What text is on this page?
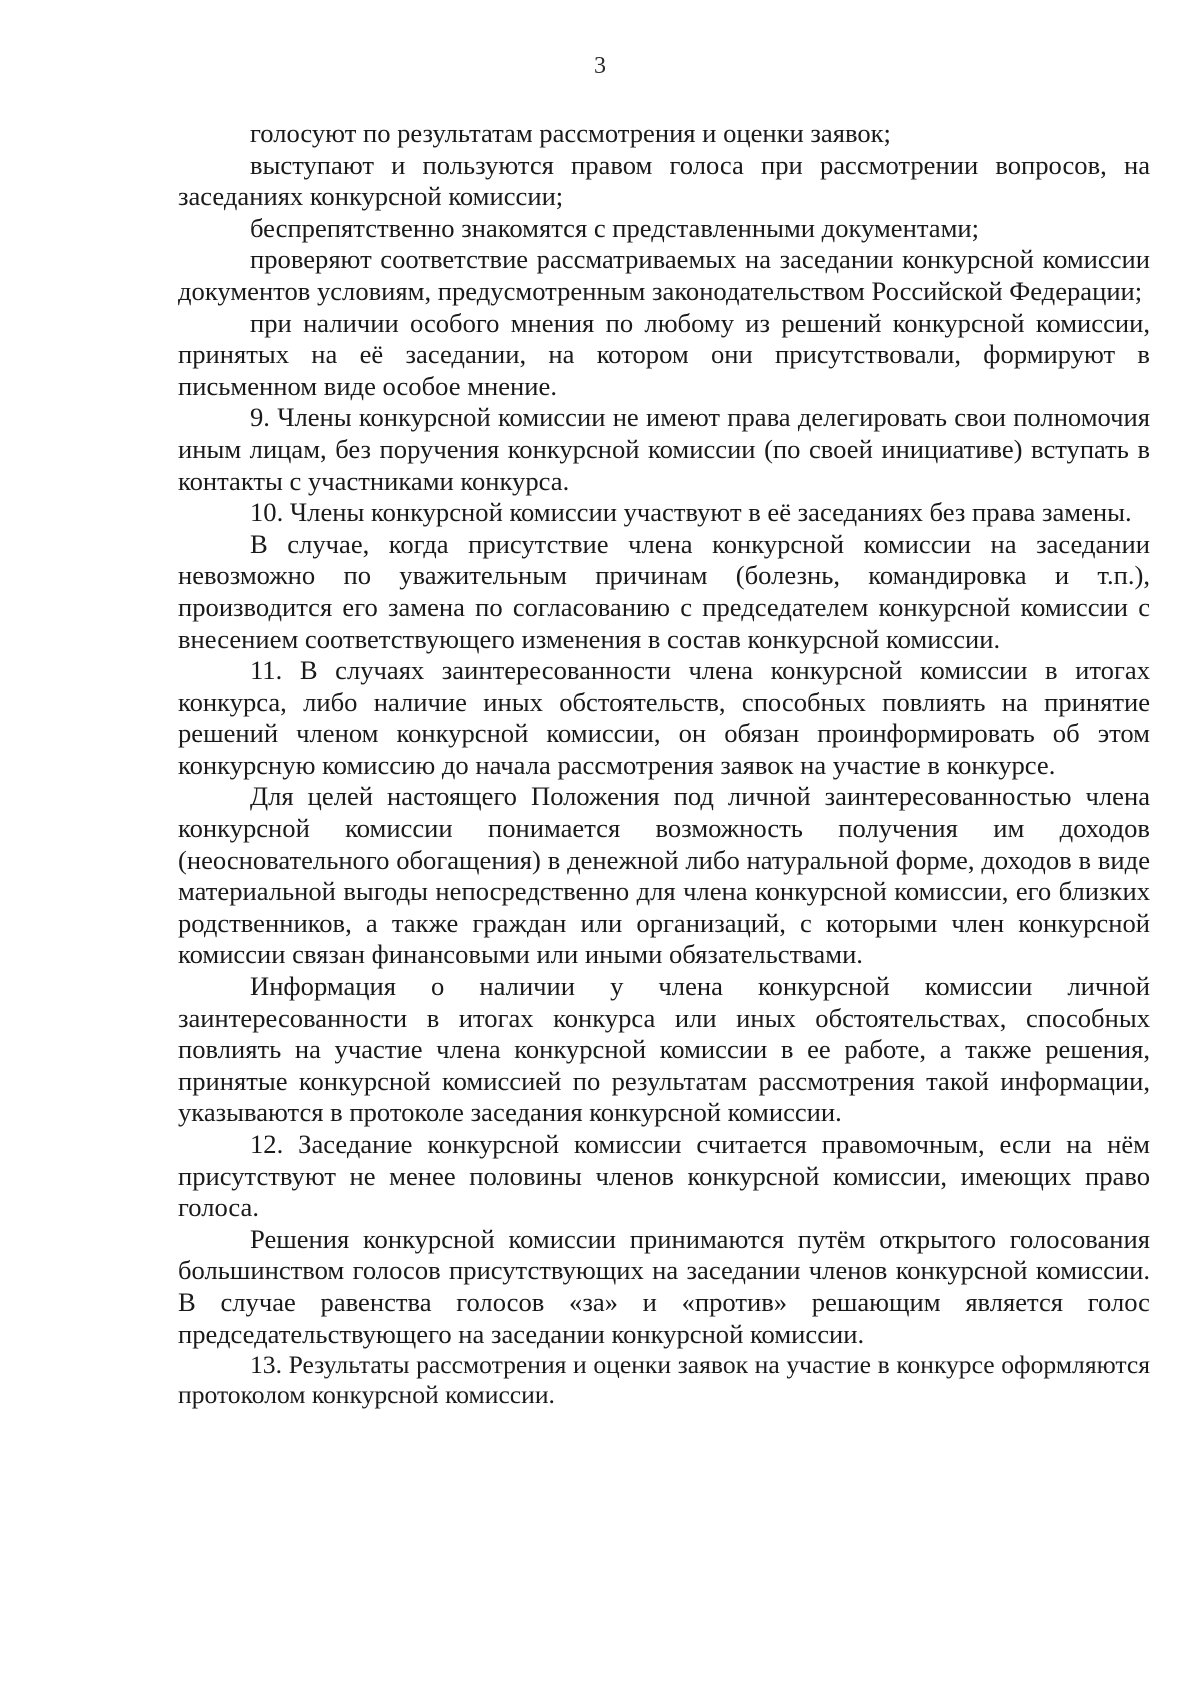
3

голосуют по результатам рассмотрения и оценки заявок;

выступают и пользуются правом голоса при рассмотрении вопросов, на заседаниях конкурсной комиссии;

беспрепятственно знакомятся с представленными документами;

проверяют соответствие рассматриваемых на заседании конкурсной комиссии документов условиям, предусмотренным законодательством Российской Федерации;

при наличии особого мнения по любому из решений конкурсной комиссии, принятых на её заседании, на котором они присутствовали, формируют в письменном виде особое мнение.

9. Члены конкурсной комиссии не имеют права делегировать свои полномочия иным лицам, без поручения конкурсной комиссии (по своей инициативе) вступать в контакты с участниками конкурса.

10. Члены конкурсной комиссии участвуют в её заседаниях без права замены.

В случае, когда присутствие члена конкурсной комиссии на заседании невозможно по уважительным причинам (болезнь, командировка и т.п.), производится его замена по согласованию с председателем конкурсной комиссии с внесением соответствующего изменения в состав конкурсной комиссии.

11. В случаях заинтересованности члена конкурсной комиссии в итогах конкурса, либо наличие иных обстоятельств, способных повлиять на принятие решений членом конкурсной комиссии, он обязан проинформировать об этом конкурсную комиссию до начала рассмотрения заявок на участие в конкурсе.

Для целей настоящего Положения под личной заинтересованностью члена конкурсной комиссии понимается возможность получения им доходов (неосновательного обогащения) в денежной либо натуральной форме, доходов в виде материальной выгоды непосредственно для члена конкурсной комиссии, его близких родственников, а также граждан или организаций, с которыми член конкурсной комиссии связан финансовыми или иными обязательствами.

Информация о наличии у члена конкурсной комиссии личной заинтересованности в итогах конкурса или иных обстоятельствах, способных повлиять на участие члена конкурсной комиссии в ее работе, а также решения, принятые конкурсной комиссией по результатам рассмотрения такой информации, указываются в протоколе заседания конкурсной комиссии.

12. Заседание конкурсной комиссии считается правомочным, если на нём присутствуют не менее половины членов конкурсной комиссии, имеющих право голоса.

Решения конкурсной комиссии принимаются путём открытого голосования большинством голосов присутствующих на заседании членов конкурсной комиссии. В случае равенства голосов «за» и «против» решающим является голос председательствующего на заседании конкурсной комиссии.

13. Результаты рассмотрения и оценки заявок на участие в конкурсе оформляются протоколом конкурсной комиссии.
